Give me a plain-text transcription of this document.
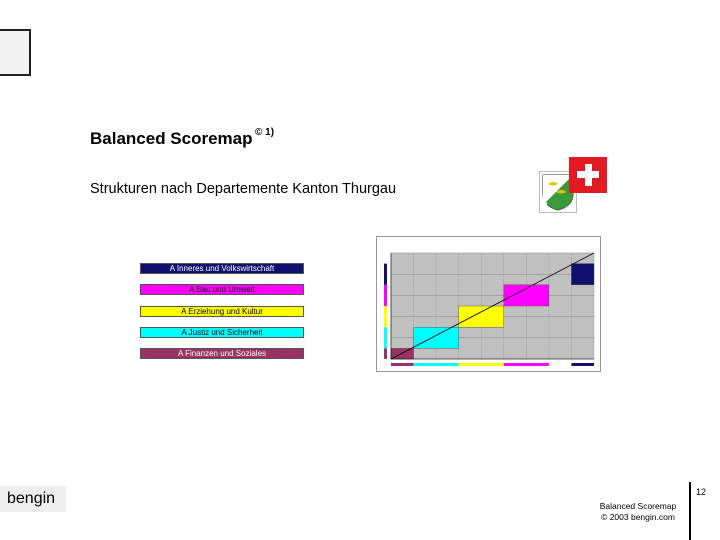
Balanced Scoremap © 1)
Strukturen nach Departemente Kanton Thurgau
A Inneres und Volkswirtschaft
A Bau und Umwelt
A Erziehung und Kultur
A Justiz und Sicherheit
A Finanzen und Soziales
bengin	Balanced Scoremap
© 2003 bengin.com
12
